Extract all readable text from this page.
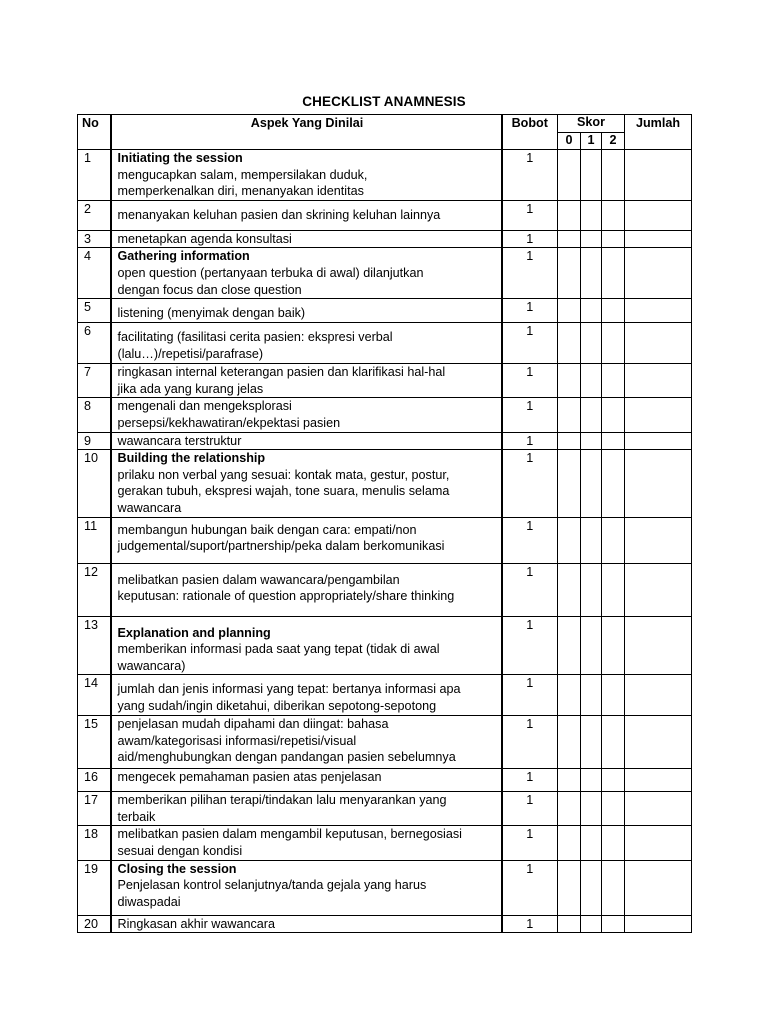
CHECKLIST ANAMNESIS
No	Aspek Yang Dinilai	Bobot	Skor			Jumlah
			0	1	2	
1	Initiating the session
mengucapkan salam, mempersilakan duduk,
memperkenalkan diri, menanyakan identitas	1				
2	menanyakan keluhan pasien dan skrining keluhan lainnya	1				
3	menetapkan agenda konsultasi	1				
4	Gathering information
open question (pertanyaan terbuka di awal) dilanjutkan
dengan focus dan close question	1				
5	listening (menyimak dengan baik)	1				
6	facilitating (fasilitasi cerita pasien: ekspresi verbal
(lalu…)/repetisi/parafrase)	1				
7	ringkasan internal keterangan pasien dan klarifikasi hal-hal
jika ada yang kurang jelas	1				
8	mengenali dan mengeksplorasi
persepsi/kekhawatiran/ekpektasi pasien	1				
9	wawancara terstruktur	1				
10	Building the relationship
prilaku non verbal yang sesuai: kontak mata, gestur, postur,
gerakan tubuh, ekspresi wajah, tone suara, menulis selama
wawancara	1				
11	membangun hubungan baik dengan cara: empati/non
judgemental/suport/partnership/peka dalam berkomunikasi	1				
12	melibatkan pasien dalam wawancara/pengambilan
keputusan: rationale of question appropriately/share thinking	1				
13	Explanation and planning
memberikan informasi pada saat yang tepat (tidak di awal
wawancara)	1				
14	jumlah dan jenis informasi yang tepat: bertanya informasi apa
yang sudah/ingin diketahui, diberikan sepotong-sepotong	1				
15	penjelasan mudah dipahami dan diingat: bahasa
awam/kategorisasi informasi/repetisi/visual
aid/menghubungkan dengan pandangan pasien sebelumnya	1				
16	mengecek pemahaman pasien atas penjelasan	1				
17	memberikan pilihan terapi/tindakan lalu menyarankan yang
terbaik	1				
18	melibatkan pasien dalam mengambil keputusan, bernegosiasi
sesuai dengan kondisi	1				
19	Closing the session
Penjelasan kontrol selanjutnya/tanda gejala yang harus
diwaspadai	1				
20	Ringkasan akhir wawancara	1				
